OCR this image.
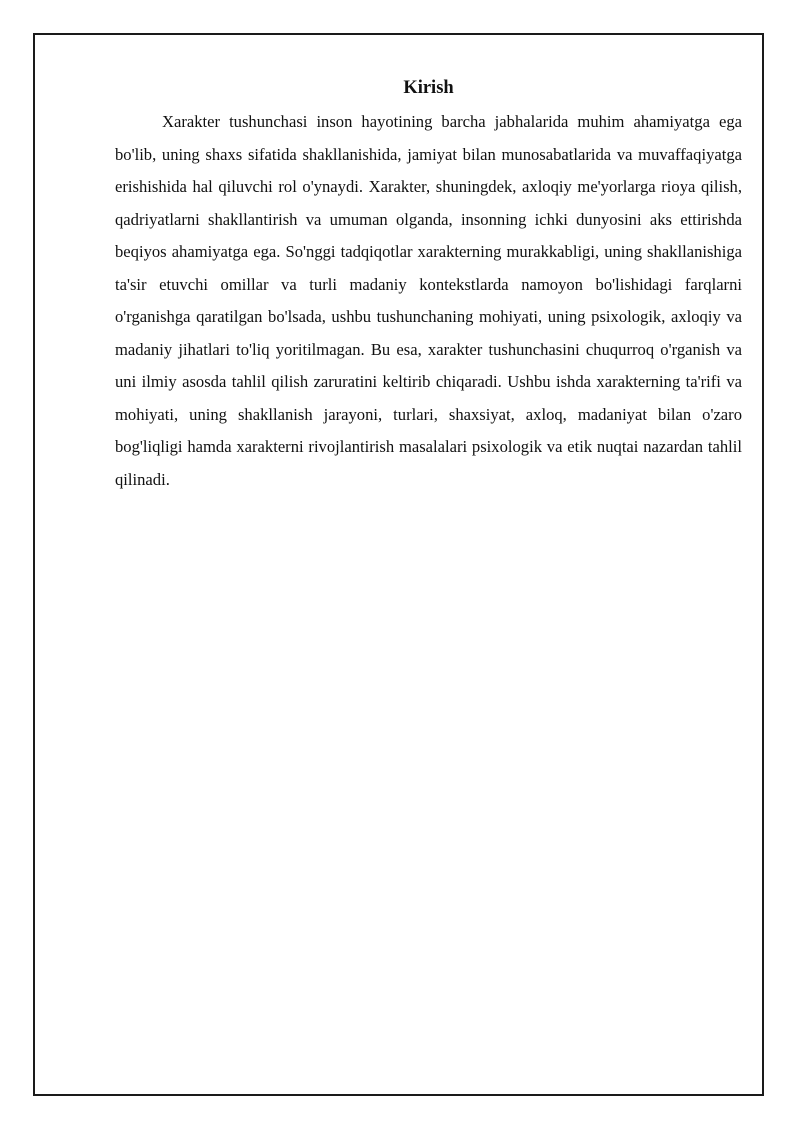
Kirish

Xarakter tushunchasi inson hayotining barcha jabhalarida muhim ahamiyatga ega bo'lib, uning shaxs sifatida shakllanishida, jamiyat bilan munosabatlarida va muvaffaqiyatga erishishida hal qiluvchi rol o'ynaydi. Xarakter, shuningdek, axloqiy me'yorlarga rioya qilish, qadriyatlarni shakllantirish va umuman olganda, insonning ichki dunyosini aks ettirishda beqiyos ahamiyatga ega. So'nggi tadqiqotlar xarakterning murakkabligi, uning shakllanishiga ta'sir etuvchi omillar va turli madaniy kontekstlarda namoyon bo'lishidagi farqlarni o'rganishga qaratilgan bo'lsada, ushbu tushunchaning mohiyati, uning psixologik, axloqiy va madaniy jihatlari to'liq yoritilmagan. Bu esa, xarakter tushunchasini chuqurroq o'rganish va uni ilmiy asosda tahlil qilish zaruratini keltirib chiqaradi. Ushbu ishda xarakterning ta'rifi va mohiyati, uning shakllanish jarayoni, turlari, shaxsiyat, axloq, madaniyat bilan o'zaro bog'liqligi hamda xarakterni rivojlantirish masalalari psixologik va etik nuqtai nazardan tahlil qilinadi.
